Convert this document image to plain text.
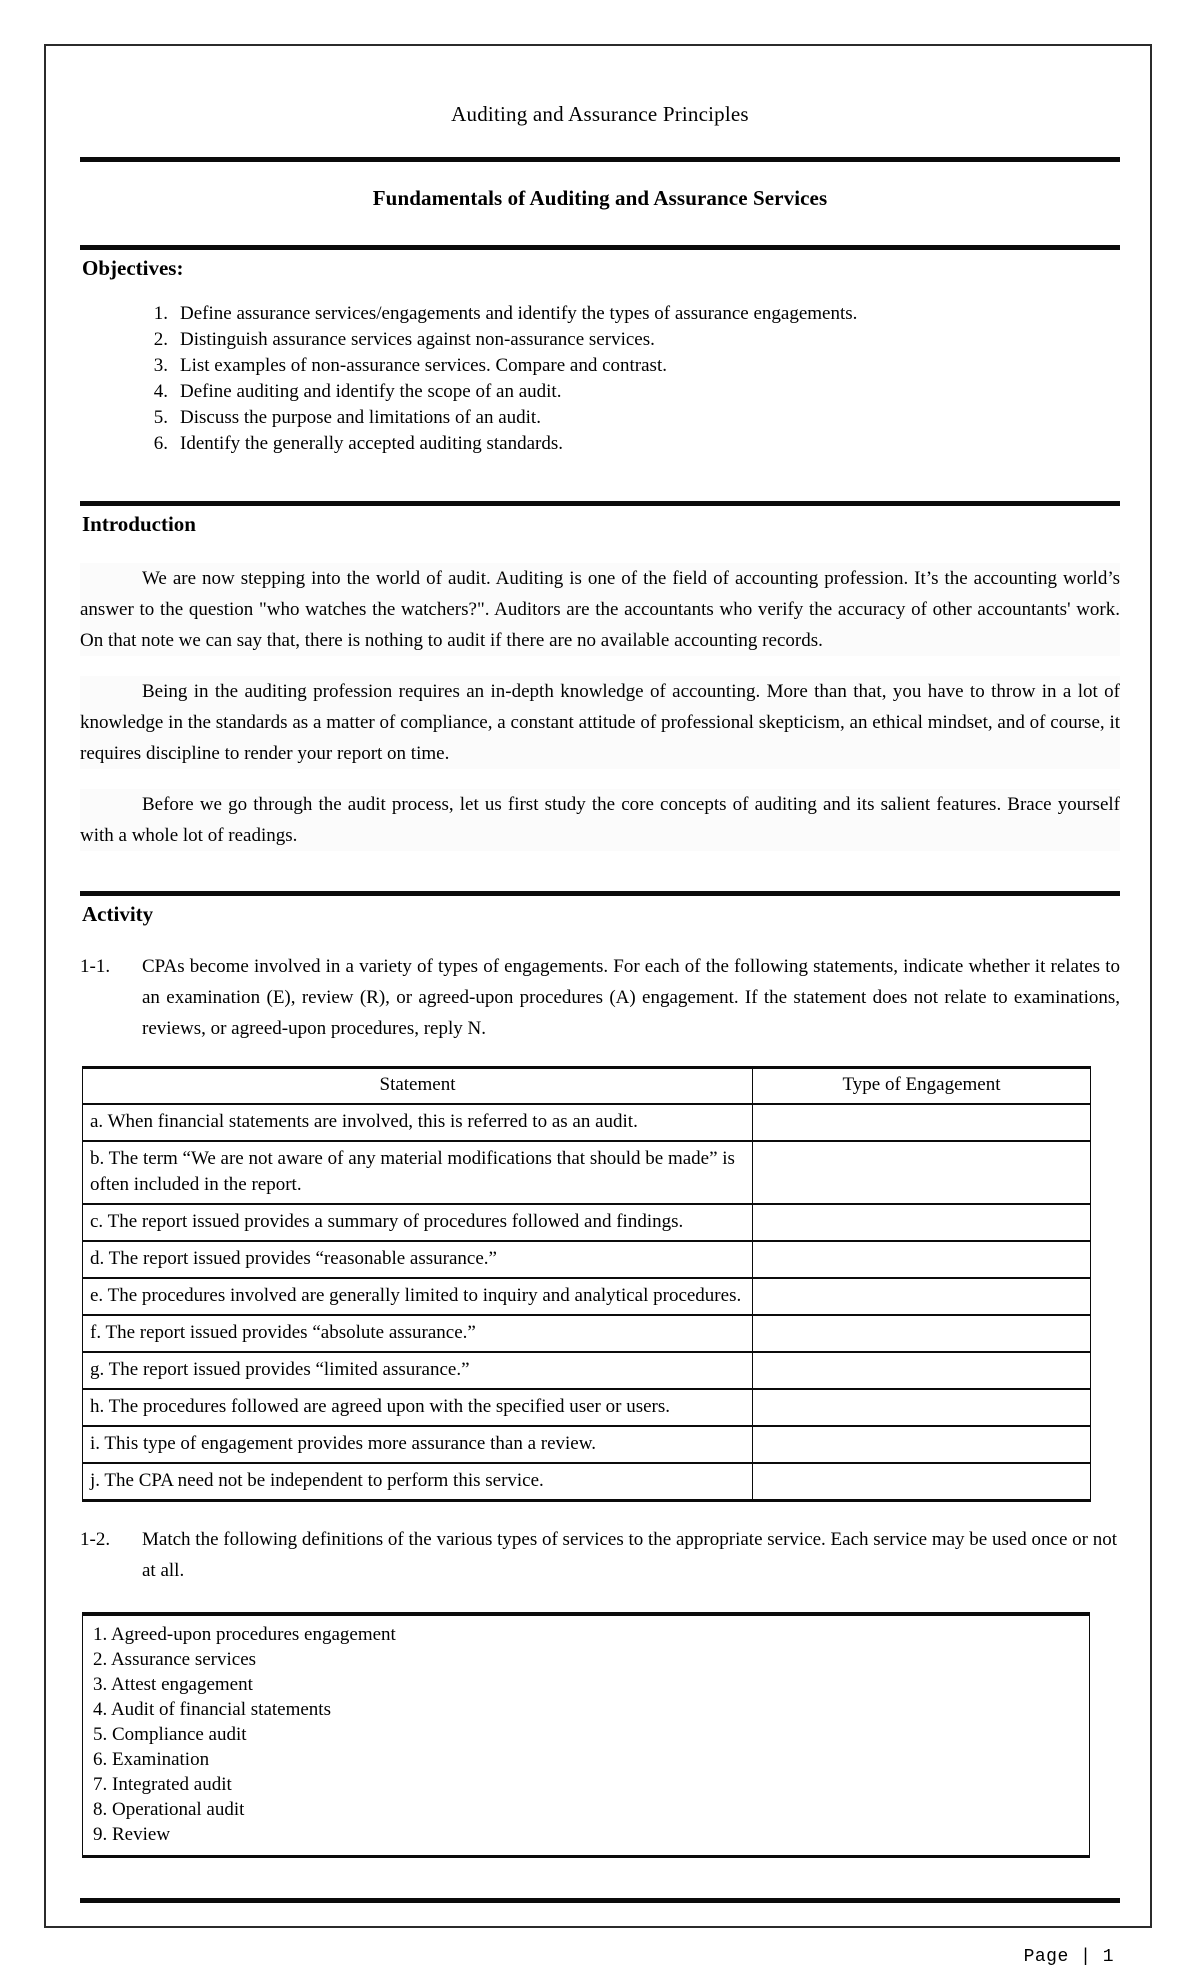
Auditing and Assurance Principles
Fundamentals of Auditing and Assurance Services
Objectives:
1. Define assurance services/engagements and identify the types of assurance engagements.
2. Distinguish assurance services against non-assurance services.
3. List examples of non-assurance services. Compare and contrast.
4. Define auditing and identify the scope of an audit.
5. Discuss the purpose and limitations of an audit.
6. Identify the generally accepted auditing standards.
Introduction

We are now stepping into the world of audit. Auditing is one of the field of accounting profession. It’s the accounting world’s answer to the question "who watches the watchers?". Auditors are the accountants who verify the accuracy of other accountants' work. On that note we can say that, there is nothing to audit if there are no available accounting records.

Being in the auditing profession requires an in-depth knowledge of accounting. More than that, you have to throw in a lot of knowledge in the standards as a matter of compliance, a constant attitude of professional skepticism, an ethical mindset, and of course, it requires discipline to render your report on time.

Before we go through the audit process, let us first study the core concepts of auditing and its salient features. Brace yourself with a whole lot of readings.

Activity
1-1.	CPAs become involved in a variety of types of engagements. For each of the following statements, indicate whether it relates to an examination (E), review (R), or agreed-upon procedures (A) engagement. If the statement does not relate to examinations, reviews, or agreed-upon procedures, reply N.
Statement	Type of Engagement
a. When financial statements are involved, this is referred to as an audit.	
b. The term “We are not aware of any material modifications that should be made” is often included in the report.	
c. The report issued provides a summary of procedures followed and findings.	
d. The report issued provides “reasonable assurance.”	
e. The procedures involved are generally limited to inquiry and analytical procedures.	
f. The report issued provides “absolute assurance.”	
g. The report issued provides “limited assurance.”	
h. The procedures followed are agreed upon with the specified user or users.	
i. This type of engagement provides more assurance than a review.	
j. The CPA need not be independent to perform this service.	
1-2.	Match the following definitions of the various types of services to the appropriate service. Each service may be used once or not at all.
1. Agreed-upon procedures engagement
2. Assurance services
3. Attest engagement
4. Audit of financial statements
5. Compliance audit
6. Examination
7. Integrated audit
8. Operational audit
9. Review
Page | 1
